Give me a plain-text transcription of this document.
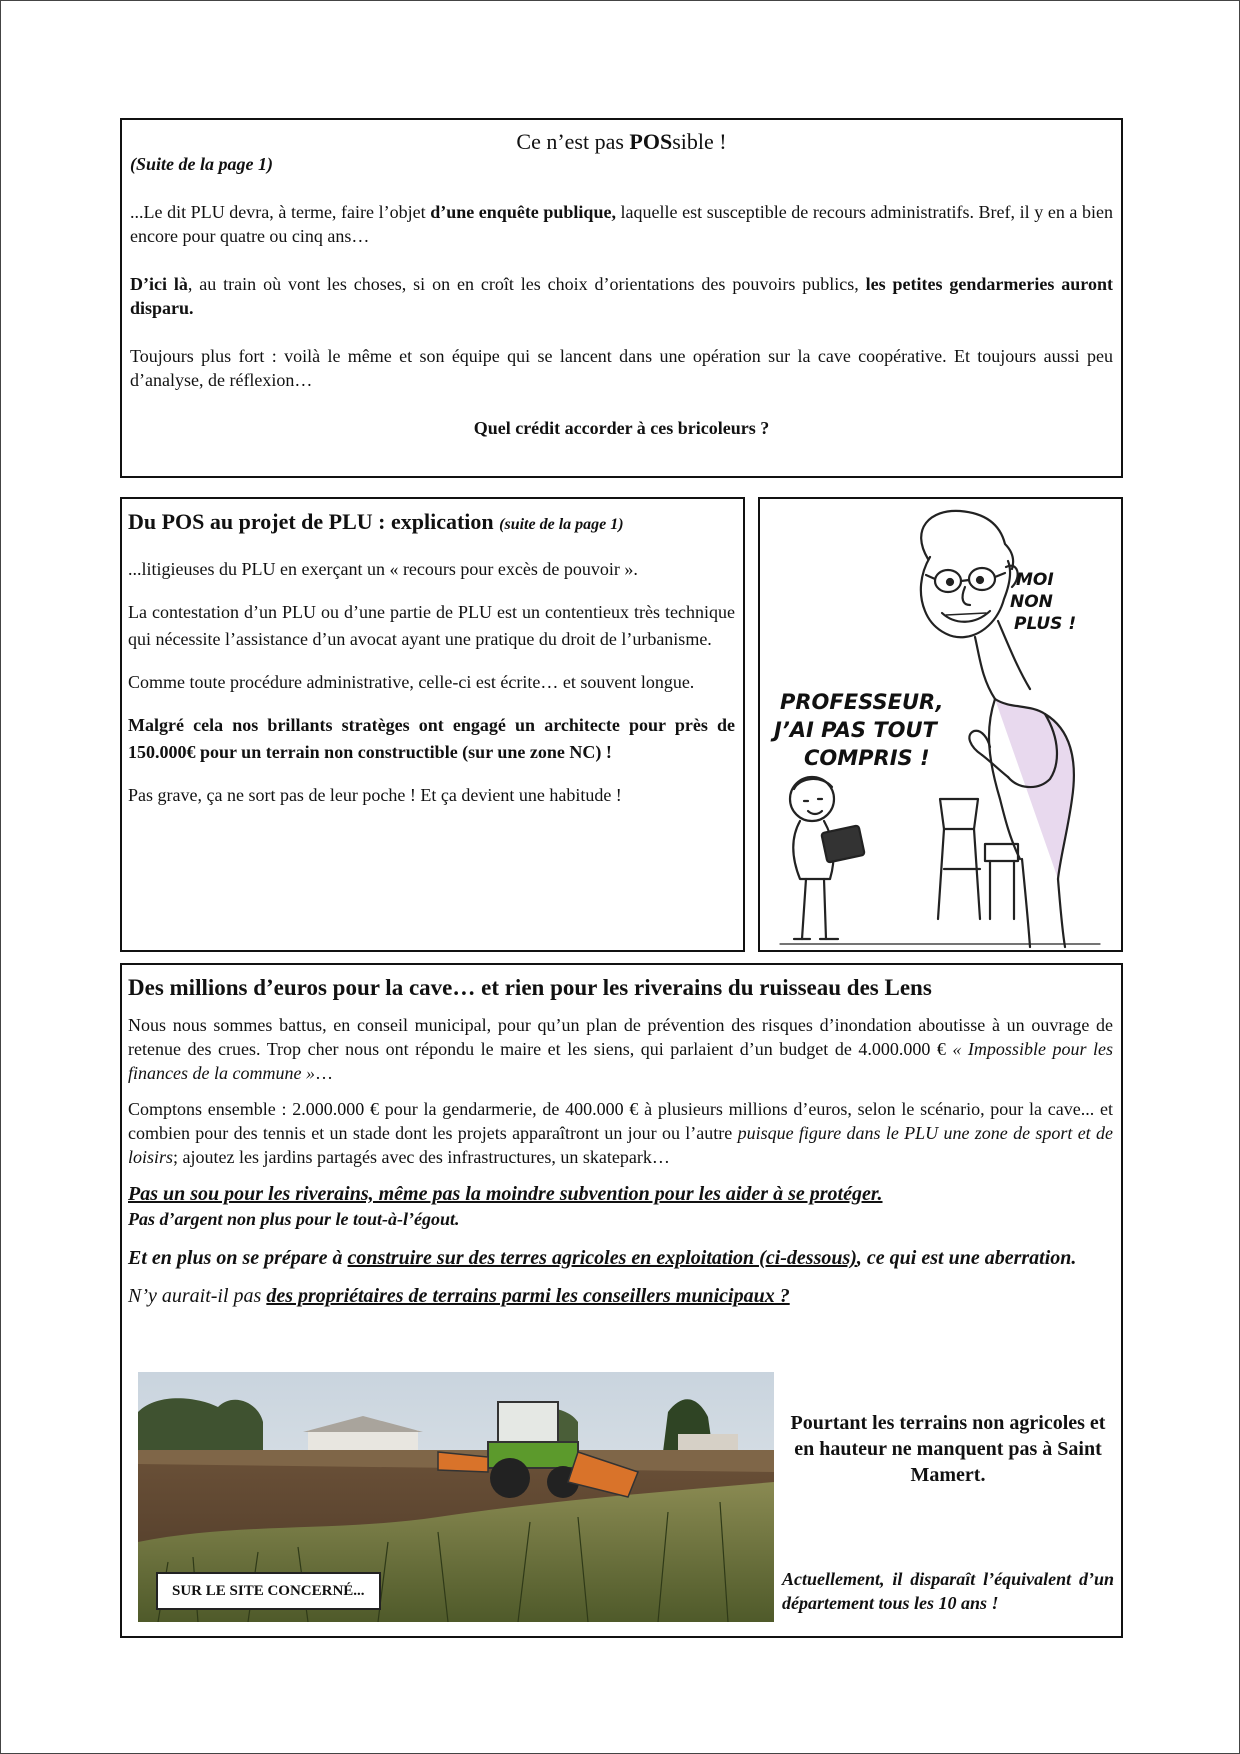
Ce n’est pas POSsible !

(Suite de la page 1)

...Le dit PLU devra, à terme, faire l’objet d’une enquête publique, laquelle est susceptible de recours administratifs. Bref, il y en a bien encore pour quatre ou cinq ans…

D’ici là, au train où vont les choses, si on en croît les choix d’orientations des pouvoirs publics, les petites gendarmeries auront disparu.

Toujours plus fort : voilà le même et son équipe qui se lancent dans une opération sur la cave coopérative. Et toujours aussi peu d’analyse, de réflexion…

Quel crédit accorder à ces bricoleurs ?

Du POS au projet de PLU : explication (suite de la page 1)

...litigieuses du PLU en exerçant un « recours pour excès de pouvoir ».

La contestation d’un PLU ou d’une partie de PLU est un contentieux très technique qui nécessite l’assistance d’un avocat ayant une pratique du droit de l’urbanisme.

Comme toute procédure administrative, celle-ci est écrite… et souvent longue.

Malgré cela nos brillants stratèges ont engagé un architecte pour près de 150.000€ pour un terrain non constructible (sur une zone NC) !

Pas grave, ça ne sort pas de leur poche ! Et ça devient une habitude !

MOI
NON
PLUS !
PROFESSEUR,
J’AI PAS TOUT
COMPRIS !

Des millions d’euros pour la cave… et rien pour les riverains du ruisseau des Lens

Nous nous sommes battus, en conseil municipal, pour qu’un plan de prévention des risques d’inondation aboutisse à un ouvrage de retenue des crues. Trop cher nous ont répondu le maire et les siens, qui parlaient d’un budget de 4.000.000 € « Impossible pour les finances de la commune »…

Comptons ensemble : 2.000.000 € pour la gendarmerie, de 400.000 € à plusieurs millions d’euros, selon le scénario, pour la cave... et combien pour des tennis et un stade dont les projets apparaîtront un jour ou l’autre puisque figure dans le PLU une zone de sport et de loisirs; ajoutez les jardins partagés avec des infrastructures, un skatepark…

Pas un sou pour les riverains, même pas la moindre subvention pour les aider à se protéger.

Pas d’argent non plus pour le tout-à-l’égout.

Et en plus on se prépare à construire sur des terres agricoles en exploitation (ci-dessous), ce qui est une aberration.

N’y aurait-il pas des propriétaires de terrains parmi les conseillers municipaux ?

SUR LE SITE CONCERNÉ...

Pourtant les terrains non agricoles et en hauteur ne manquent pas à Saint Mamert.

Actuellement, il disparaît l’équivalent d’un département tous les 10 ans !
